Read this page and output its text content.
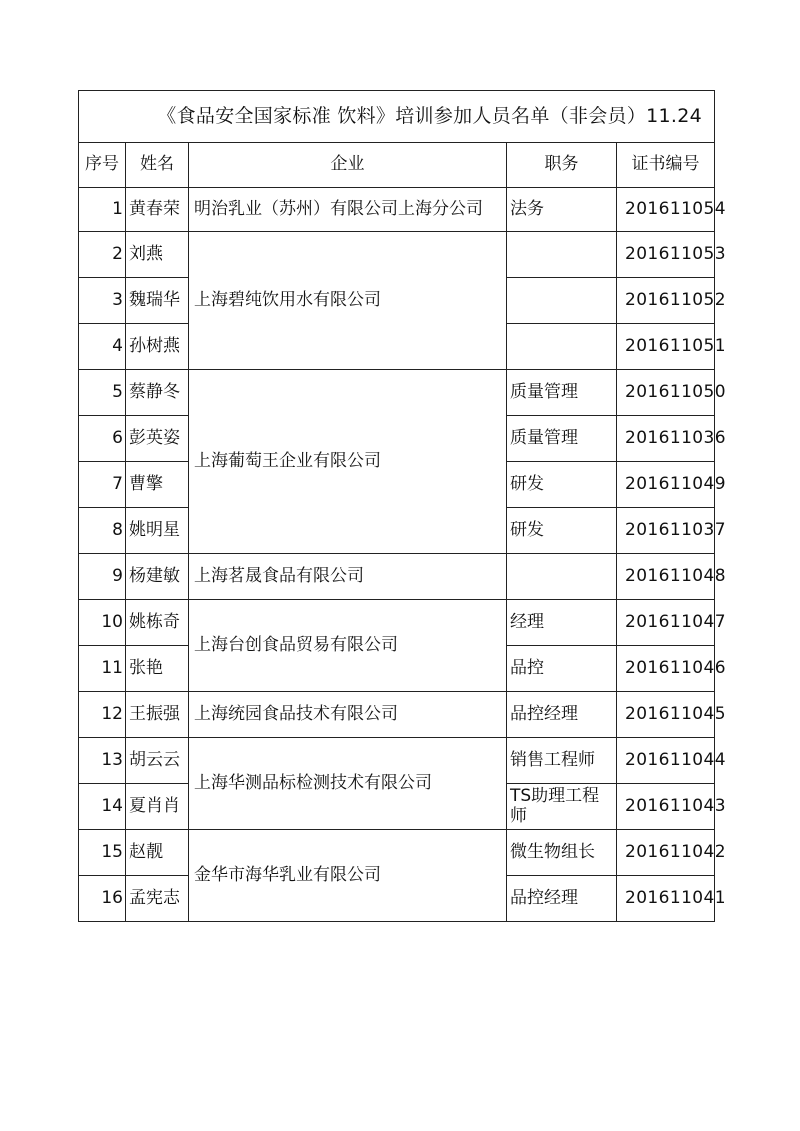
《食品安全国家标准 饮料》培训参加人员名单（非会员）11.24				
序号	姓名	企业	职务	证书编号
1	黄春荣	明治乳业（苏州）有限公司上海分公司	法务	201611054
2	刘燕	上海碧纯饮用水有限公司		201611053
3	魏瑞华			201611052
4	孙树燕			201611051
5	蔡静冬	上海葡萄王企业有限公司	质量管理	201611050
6	彭英姿		质量管理	201611036
7	曹擎		研发	201611049
8	姚明星		研发	201611037
9	杨建敏	上海茗晟食品有限公司		201611048
10	姚栋奇	上海台创食品贸易有限公司	经理	201611047
11	张艳		品控	201611046
12	王振强	上海统园食品技术有限公司	品控经理	201611045
13	胡云云	上海华测品标检测技术有限公司	销售工程师	201611044
14	夏肖肖		TS助理工程师	201611043
15	赵靓	金华市海华乳业有限公司	微生物组长	201611042
16	孟宪志		品控经理	201611041
